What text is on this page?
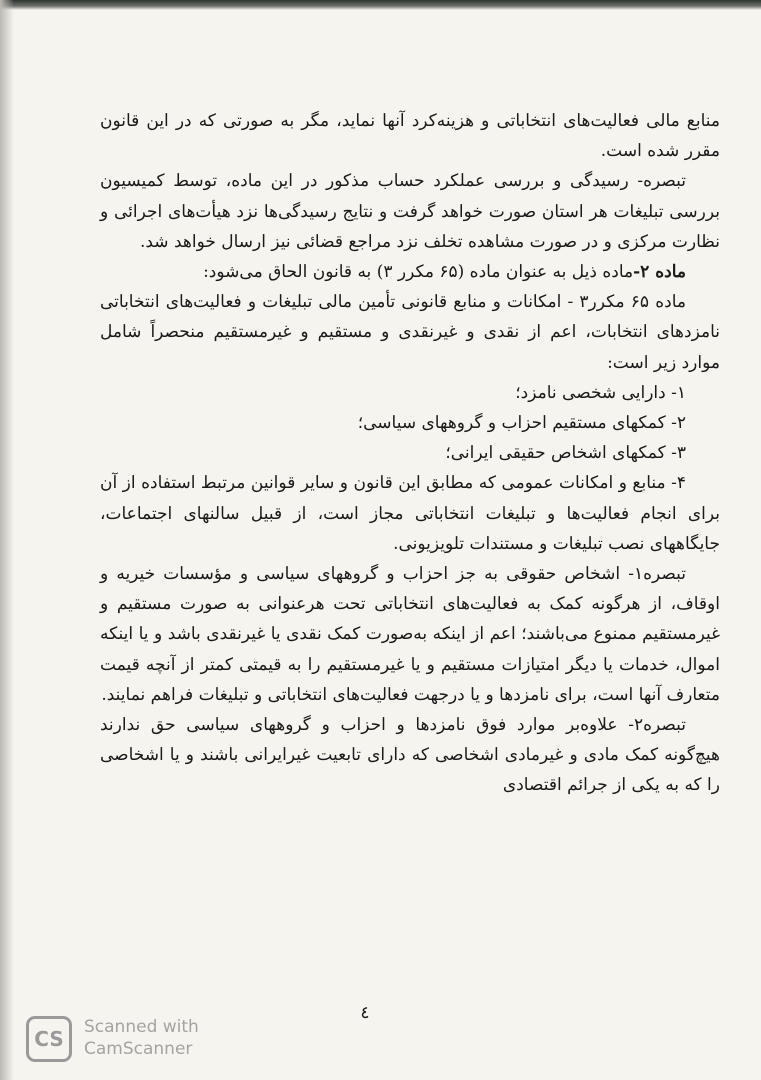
منابع مالی فعالیت‌های انتخاباتی و هزینه‌کرد آنها نماید، مگر به صورتی که در این قانون مقرر شده است.

تبصره- رسیدگی و بررسی عملکرد حساب مذکور در این ماده، توسط کمیسیون بررسی تبلیغات هر استان صورت خواهد گرفت و نتایج رسیدگی‌ها نزد هیأت‌های اجرائی و نظارت مرکزی و در صورت مشاهده تخلف نزد مراجع قضائی نیز ارسال خواهد شد.

ماده ۲-ماده ذیل به عنوان ماده (۶۵ مکرر ۳) به قانون الحاق می‌شود:

ماده ۶۵ مکرر۳ - امکانات و منابع قانونی تأمین مالی تبلیغات و فعالیت‌های انتخاباتی نامزدهای انتخابات، اعم از نقدی و غیرنقدی و مستقیم و غیرمستقیم منحصراً شامل موارد زیر است:

۱- دارایی شخصی نامزد؛

۲- کمکهای مستقیم احزاب و گروههای سیاسی؛

۳- کمکهای اشخاص حقیقی ایرانی؛

۴- منابع و امکانات عمومی که مطابق این قانون و سایر قوانین مرتبط استفاده از آن برای انجام فعالیت‌ها و تبلیغات انتخاباتی مجاز است، از قبیل سالنهای اجتماعات، جایگاههای نصب تبلیغات و مستندات تلویزیونی.

تبصره۱- اشخاص حقوقی به جز احزاب و گروههای سیاسی و مؤسسات خیریه و اوقاف، از هرگونه کمک به فعالیت‌های انتخاباتی تحت هرعنوانی به صورت مستقیم و غیرمستقیم ممنوع می‌باشند؛ اعم از اینکه به‌صورت کمک نقدی یا غیرنقدی باشد و یا اینکه اموال، خدمات یا دیگر امتیازات مستقیم و یا غیرمستقیم را به قیمتی کمتر از آنچه قیمت متعارف آنها است، برای نامزدها و یا درجهت فعالیت‌های انتخاباتی و تبلیغات فراهم نمایند.

تبصره۲- علاوه‌بر موارد فوق نامزدها و احزاب و گروههای سیاسی حق ندارند هیچ‌گونه کمک مادی و غیرمادی اشخاصی که دارای تابعیت غیرایرانی باشند و یا اشخاصی را که به یکی از جرائم اقتصادی

٤
CS	Scanned with
CamScanner
